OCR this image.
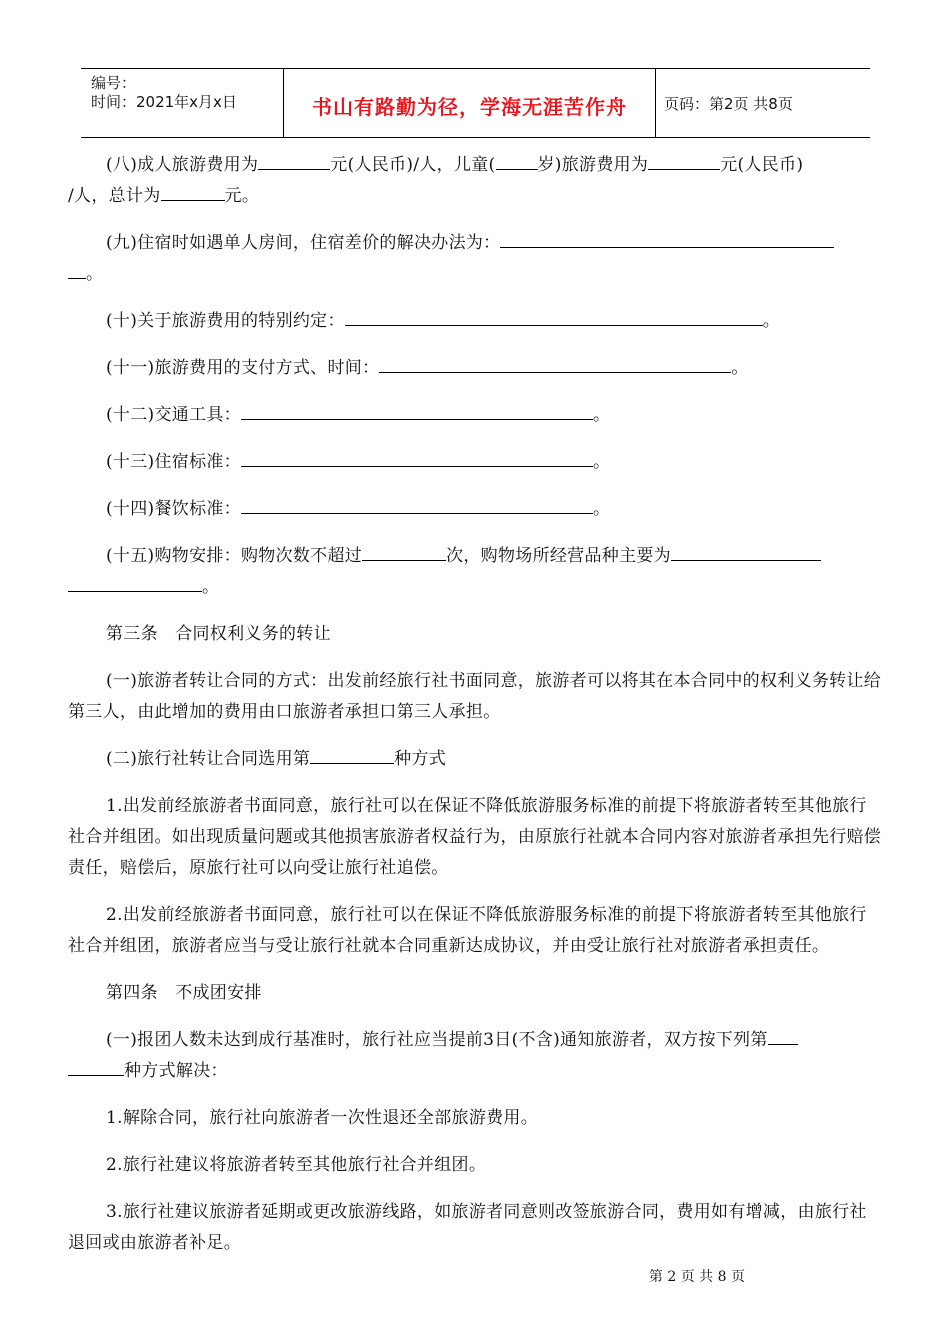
编号：
时间：2021年x月x日	书山有路勤为径，学海无涯苦作舟	页码：第2页 共8页

(八)成人旅游费用为	元(人民币)/人，儿童( 岁)旅游费用为	元(人民币)
/人，总计为	元。

(九)住宿时如遇单人房间，住宿差价的解决办法为：
。

(十)关于旅游费用的特别约定：	。

(十一)旅游费用的支付方式、时间：	。

(十二)交通工具：	。

(十三)住宿标准：	。

(十四)餐饮标准：	。

(十五)购物安排：购物次数不超过	次，购物场所经营品种主要为
。

第三条　合同权利义务的转让

(一)旅游者转让合同的方式：出发前经旅行社书面同意，旅游者可以将其在本合同中的权利义务转让给第三人，由此增加的费用由口旅游者承担口第三人承担。

(二)旅行社转让合同选用第	种方式

1.出发前经旅游者书面同意，旅行社可以在保证不降低旅游服务标准的前提下将旅游者转至其他旅行社合并组团。如出现质量问题或其他损害旅游者权益行为，由原旅行社就本合同内容对旅游者承担先行赔偿责任，赔偿后，原旅行社可以向受让旅行社追偿。

2.出发前经旅游者书面同意，旅行社可以在保证不降低旅游服务标准的前提下将旅游者转至其他旅行社合并组团，旅游者应当与受让旅行社就本合同重新达成协议，并由受让旅行社对旅游者承担责任。

第四条　不成团安排

(一)报团人数未达到成行基准时，旅行社应当提前3日(不含)通知旅游者，双方按下列第
种方式解决：

1.解除合同，旅行社向旅游者一次性退还全部旅游费用。

2.旅行社建议将旅游者转至其他旅行社合并组团。

3.旅行社建议旅游者延期或更改旅游线路，如旅游者同意则改签旅游合同，费用如有增减，由旅行社退回或由旅游者补足。

第 2 页 共 8 页
